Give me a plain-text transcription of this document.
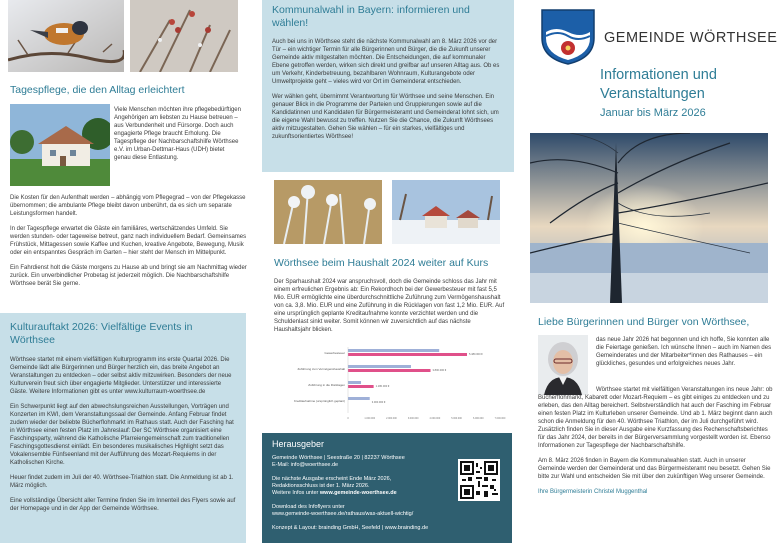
Tagespflege, die den Alltag erleichtert
Viele Menschen möchten ihre pflegebedürftigen Angehörigen am liebsten zu Hause betreuen – aus Verbundenheit und Fürsorge. Doch auch engagierte Pflege braucht Erholung. Die Tagespflege der Nachbarschaftshilfe Wörthsee e.V. im Urban-Dettmar-Haus (UDH) bietet genau diese Entlastung.

Die Kosten für den Aufenthalt werden – abhängig vom Pflegegrad – von der Pflegekasse übernommen; die ambulante Pflege bleibt davon unberührt, da es sich um separate Leistungsformen handelt.

In der Tagespflege erwartet die Gäste ein familiäres, wertschätzendes Umfeld. Sie werden stunden- oder tageweise betreut, ganz nach individuellem Bedarf. Gemeinsames Frühstück, Mittagessen sowie Kaffee und Kuchen, kreative Angebote, Bewegung, Musik oder ein entspanntes Gespräch im Garten – hier steht der Mensch im Mittelpunkt.

Ein Fahrdienst holt die Gäste morgens zu Hause ab und bringt sie am Nachmittag wieder zurück. Ein unverbindlicher Probetag ist jederzeit möglich. Die Nachbarschaftshilfe Wörthsee berät Sie gerne.

Kulturauftakt 2026: Vielfältige Events in Wörthsee

Wörthsee startet mit einem vielfältigen Kulturprogramm ins erste Quartal 2026. Die Gemeinde lädt alle Bürgerinnen und Bürger herzlich ein, das breite Angebot an Veranstaltungen zu entdecken – oder selbst aktiv mitzuwirken. Besonders der neue Kulturverein freut sich über engagierte Mitglieder. Unterstützer und interessierte Gäste. Weitere Informationen gibt es unter www.kulturraum-woerthsee.de

Ein Schwerpunkt liegt auf den abwechslungsreichen Ausstellungen, Vorträgen und Konzerten im KWI, dem Veranstaltungssaal der Gemeinde. Anfang Februar findet zudem wieder der beliebte Bücherflohmarkt im Rathaus statt. Auch der Fasching hat in Wörthsee einen festen Platz im Jahreslauf: Der SC Wörthsee organisiert eine Faschingsparty, während die Katholische Pfarreiengemeinschaft zum traditionellen Faschingsgottesdienst einlädt. Ein besonderes musikalisches Highlight setzt das Vokalensemble Fünfseenland mit der Aufführung des Mozart-Requiems in der Katholischen Kirche.

Heuer findet zudem im Juli der 40. Wörthsee-Triathlon statt. Die Anmeldung ist ab 1. März möglich.

Eine vollständige Übersicht aller Termine finden Sie im Innenteil des Flyers sowie auf der Homepage und in der App der Gemeinde Wörthsee.

Kommunalwahl in Bayern: informieren und wählen!

Auch bei uns in Wörthsee steht die nächste Kommunalwahl am 8. März 2026 vor der Tür – ein wichtiger Termin für alle Bürgerinnen und Bürger, die die Zukunft unserer Gemeinde aktiv mitgestalten möchten. Die Entscheidungen, die auf kommunaler Ebene getroffen werden, wirken sich direkt und greifbar auf unseren Alltag aus. Ob es um Verkehr, Kinderbetreuung, bezahlbaren Wohnraum, Kulturangebote oder Umweltprojekte geht – vieles wird vor Ort im Gemeinderat entschieden.

Wer wählen geht, übernimmt Verantwortung für Wörthsee und seine Menschen. Ein genauer Blick in die Programme der Parteien und Gruppierungen sowie auf die Kandidatinnen und Kandidaten für Bürgermeisteramt und Gemeinderat lohnt sich, um die eigene Wahl bewusst zu treffen. Nutzen Sie die Chance, die Zukunft Wörthsees aktiv mitzugestalten. Gehen Sie wählen – für ein starkes, vielfältiges und zukunftsorientiertes Wörthsee!

Wörthsee beim Haushalt 2024 weiter auf Kurs

Der Sparhaushalt 2024 war anspruchsvoll, doch die Gemeinde schloss das Jahr mit einem erfreulichen Ergebnis ab: Ein Rekordhoch bei der Gewerbesteuer mit fast 5,5 Mio. EUR ermöglichte eine überdurchschnittliche Zuführung zum Vermögenshaushalt von ca. 3,8. Mio. EUR und eine Zuführung in die Rücklagen von fast 1,2 Mio. EUR. Auf eine ursprünglich geplante Kreditaufnahme konnte verzichtet werden und die Schuldenlast sinkt weiter. Somit können wir zuversichtlich auf das nächste Haushaltsjahr blicken.

Gewerbesteuer
Zuführung zum Vermögenshaushalt
Zuführung in die Rücklagen
Kreditaufnahme (ursprünglich geplant)
5.480.000 €
3.800.000 €
1.180.000 €
3.000.000 €
0	1.000.000	2.000.000	3.000.000	4.000.000	5.000.000	6.000.000	7.000.000
Herausgeber
Gemeinde Wörthsee | Seestraße 20 | 82237 Wörthsee
E-Mail: info@woerthsee.de
Die nächste Ausgabe erscheint Ende März 2026,
Redaktionsschluss ist der 1. März 2026.
Weitere Infos unter www.gemeinde-woerthsee.de
Download des Infoflyers unter
www.gemeinde-woerthsee.de/rathaus/was-aktuell-wichtig/
Konzept & Layout: brainding GmbH, Seefeld | www.brainding.de
GEMEINDE WÖRTHSEE
Informationen und
Veranstaltungen
Januar bis März 2026
Liebe Bürgerinnen und Bürger von Wörthsee,
das neue Jahr 2026 hat begonnen und ich hoffe, Sie konnten alle die Feiertage genießen. Ich wünsche Ihnen – auch im Namen des Gemeinderates und der Mitarbeiter*innen des Rathauses – ein glückliches, gesundes und erfolgreiches neues Jahr.

Wörthsee startet mit vielfältigen Veranstaltungen ins neue Jahr: ob Bücherflohmarkt, Kabarett oder Mozart-Requiem – es gibt einiges zu entdecken und zu erleben, das den Alltag bereichert. Selbstverständlich hat auch der Fasching im Februar einen festen Platz im Kulturleben unserer Gemeinde. Und ab 1. März beginnt dann auch schon die Anmeldung für den 40. Wörthsee Triathlon, der im Juli durchgeführt wird. Zusätzlich finden Sie in dieser Ausgabe eine Kurzfassung des Rechenschaftsberichtes für das Jahr 2024, der bereits in der Bürgerversammlung vorgestellt worden ist. Ebenso Informationen zur Tagespflege der Nachbarschaftshilfe.

Am 8. März 2026 finden in Bayern die Kommunalwahlen statt. Auch in unserer Gemeinde werden der Gemeinderat und das Bürgermeisteramt neu besetzt. Gehen Sie bitte zur Wahl und entscheiden Sie mit über den zukünftigen Weg unserer Gemeinde.

Ihre Bürgermeisterin Christel Muggenthal
